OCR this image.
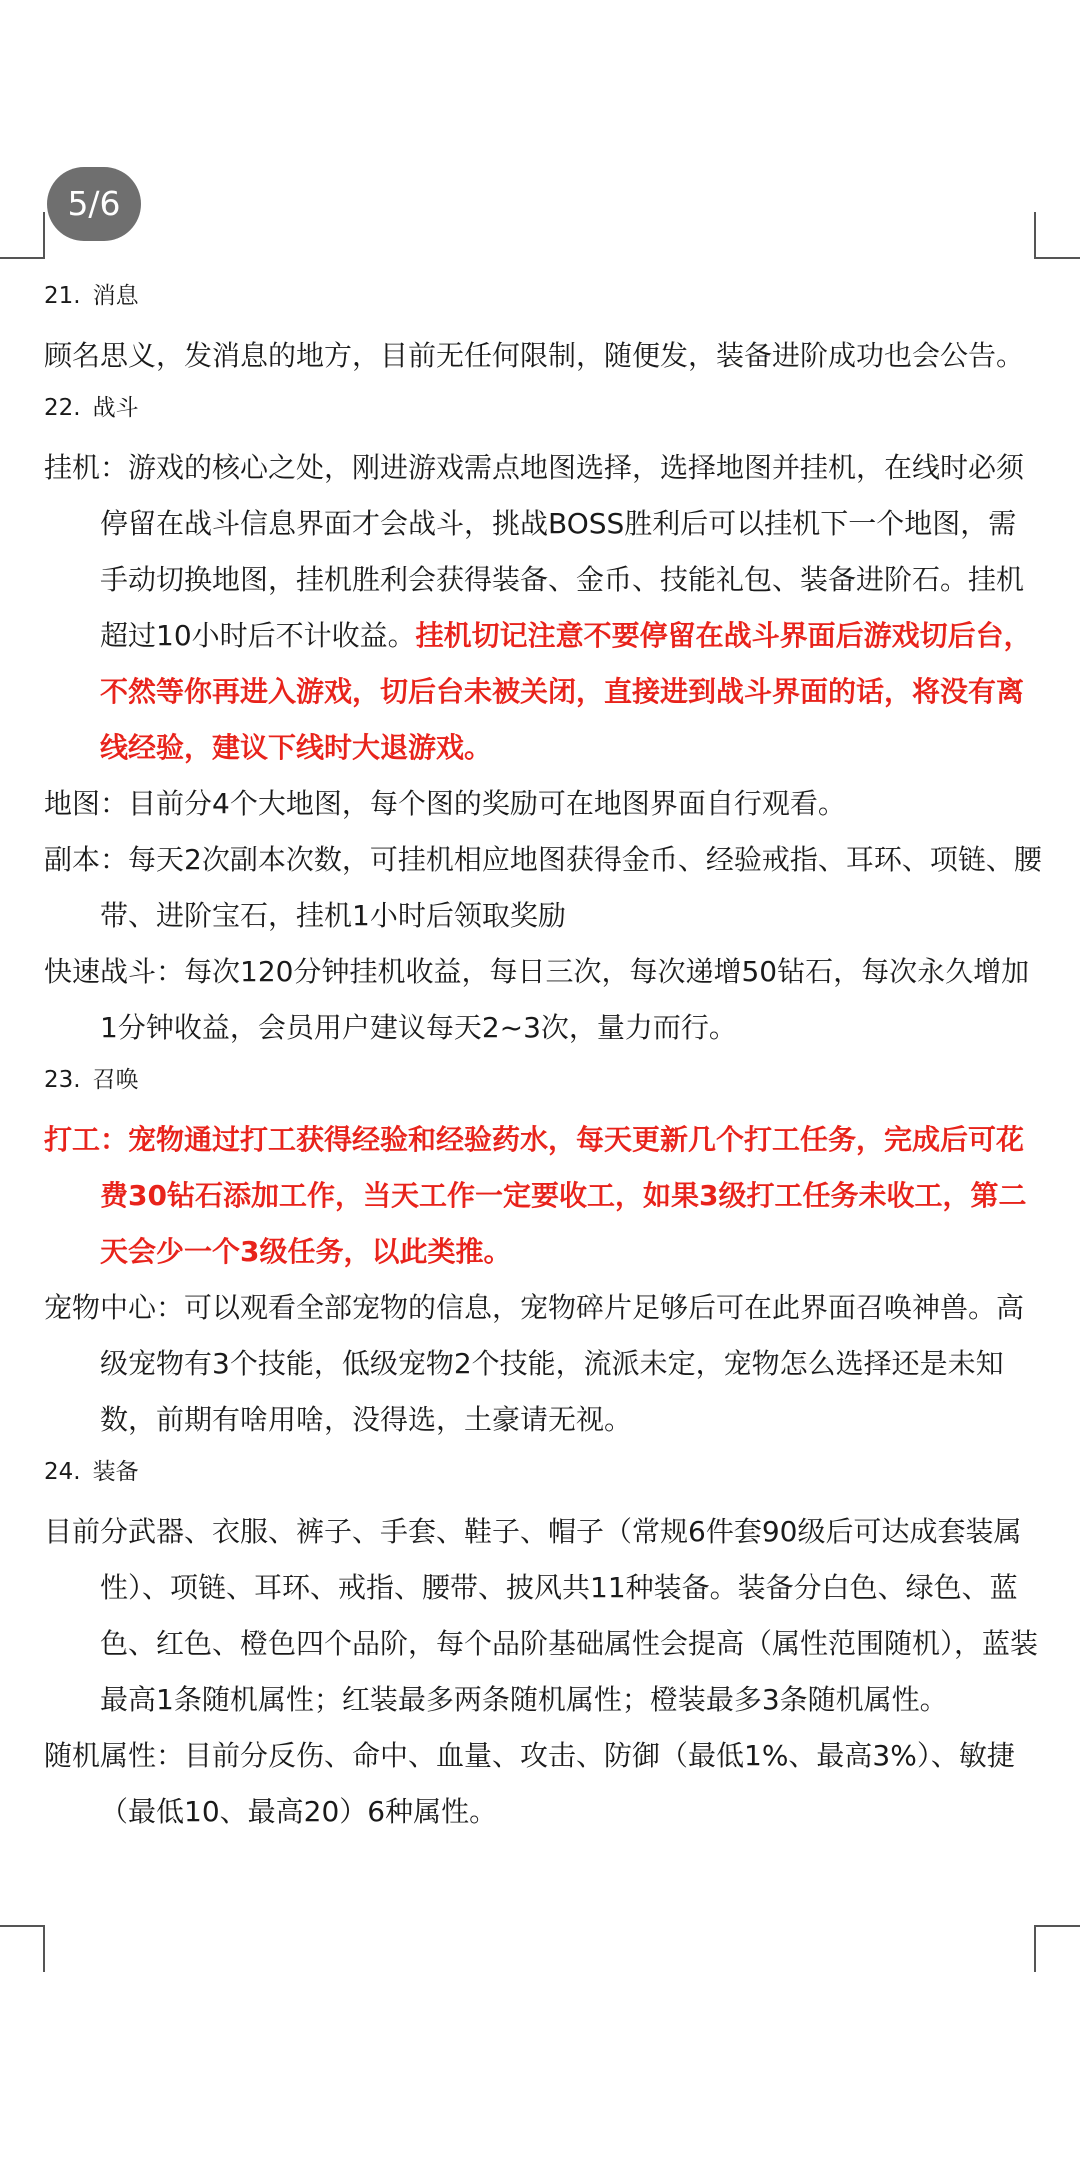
5/6
21. 消息

顾名思义，发消息的地方，目前无任何限制，随便发，装备进阶成功也会公告。

22. 战斗

挂机：游戏的核心之处，刚进游戏需点地图选择，选择地图并挂机，在线时必须停留在战斗信息界面才会战斗，挑战BOSS胜利后可以挂机下一个地图，需手动切换地图，挂机胜利会获得装备、金币、技能礼包、装备进阶石。挂机超过10小时后不计收益。挂机切记注意不要停留在战斗界面后游戏切后台，不然等你再进入游戏，切后台未被关闭，直接进到战斗界面的话，将没有离线经验，建议下线时大退游戏。

地图：目前分4个大地图，每个图的奖励可在地图界面自行观看。

副本：每天2次副本次数，可挂机相应地图获得金币、经验戒指、耳环、项链、腰带、进阶宝石，挂机1小时后领取奖励

快速战斗：每次120分钟挂机收益，每日三次，每次递增50钻石，每次永久增加1分钟收益，会员用户建议每天2~3次，量力而行。

23. 召唤

打工：宠物通过打工获得经验和经验药水，每天更新几个打工任务，完成后可花费30钻石添加工作，当天工作一定要收工，如果3级打工任务未收工，第二天会少一个3级任务，以此类推。

宠物中心：可以观看全部宠物的信息，宠物碎片足够后可在此界面召唤神兽。高级宠物有3个技能，低级宠物2个技能，流派未定，宠物怎么选择还是未知数，前期有啥用啥，没得选，土豪请无视。

24. 装备

目前分武器、衣服、裤子、手套、鞋子、帽子（常规6件套90级后可达成套装属性）、项链、耳环、戒指、腰带、披风共11种装备。装备分白色、绿色、蓝色、红色、橙色四个品阶，每个品阶基础属性会提高（属性范围随机），蓝装最高1条随机属性；红装最多两条随机属性；橙装最多3条随机属性。

随机属性：目前分反伤、命中、血量、攻击、防御（最低1%、最高3%）、敏捷（最低10、最高20）6种属性。
